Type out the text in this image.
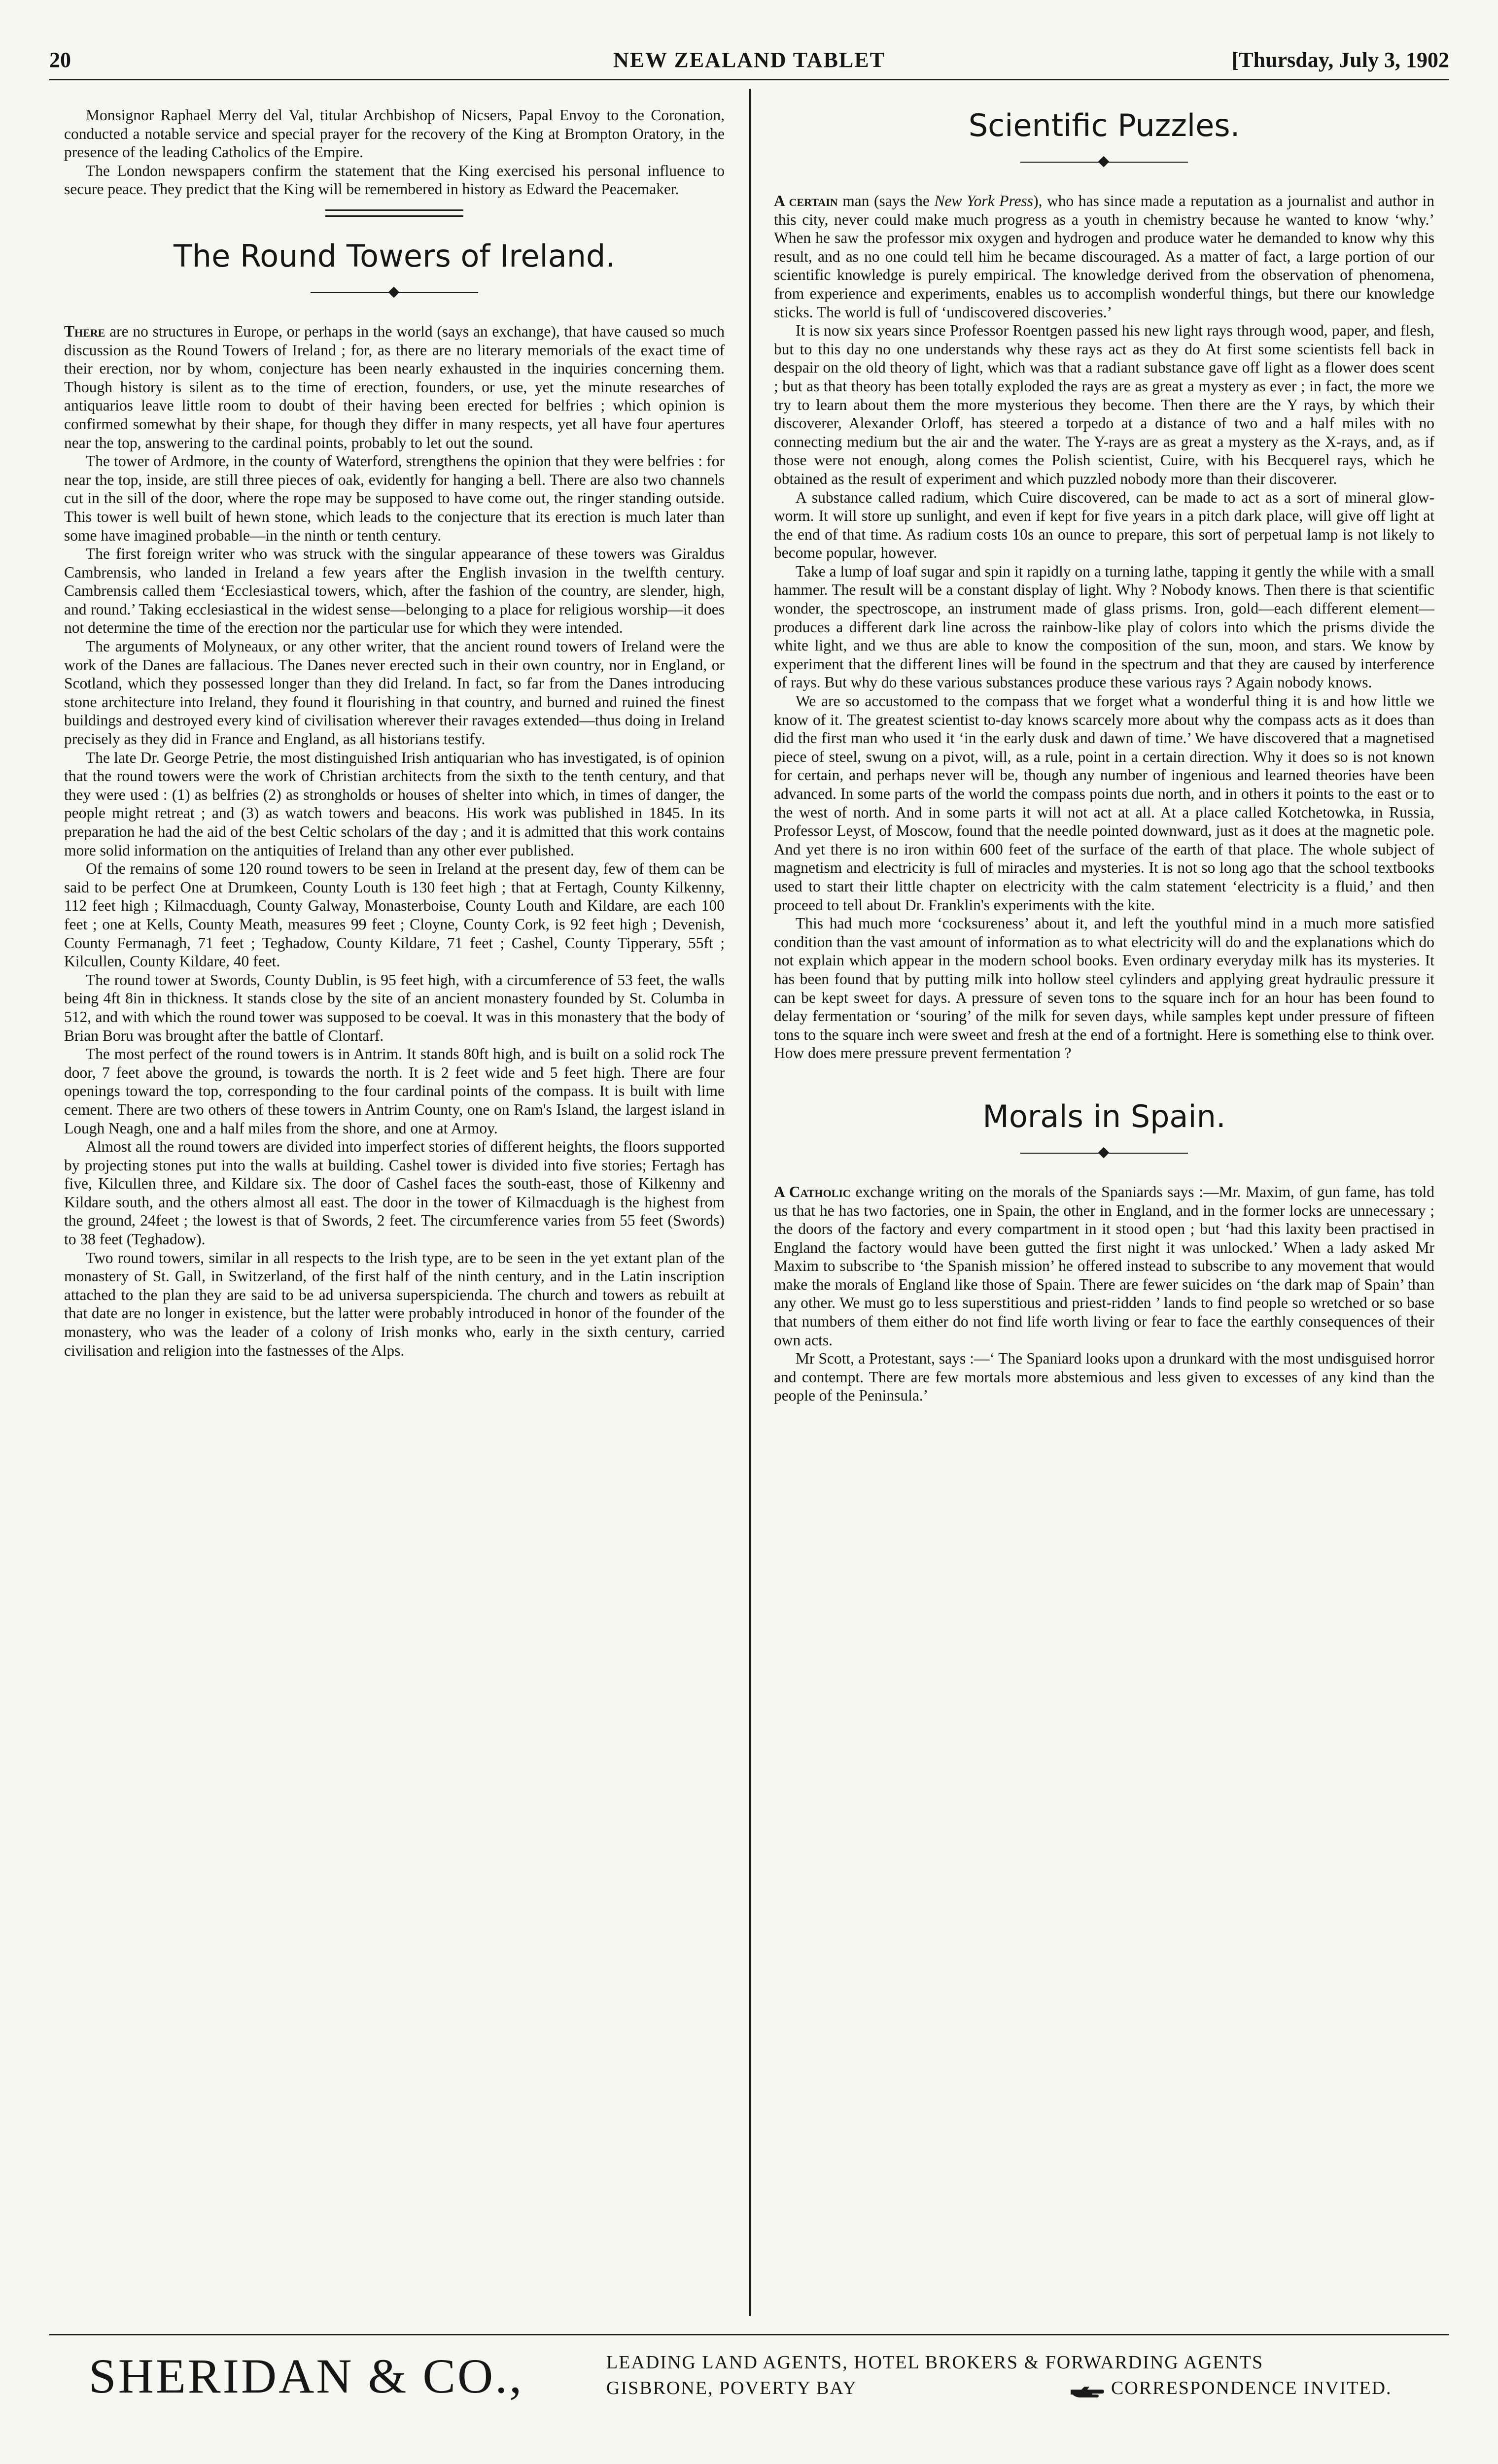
20	NEW ZEALAND TABLET	[Thursday, July 3, 1902

Monsignor Raphael Merry del Val, titular Archbishop of Nicsers, Papal Envoy to the Coronation, conducted a notable service and special prayer for the recovery of the King at Brompton Oratory, in the presence of the leading Catholics of the Empire.

The London newspapers confirm the statement that the King exercised his personal influence to secure peace. They predict that the King will be remembered in history as Edward the Peacemaker.

The Round Towers of Ireland.

There are no structures in Europe, or perhaps in the world (says an exchange), that have caused so much discussion as the Round Towers of Ireland ; for, as there are no literary memorials of the exact time of their erection, nor by whom, conjecture has been nearly exhausted in the inquiries concerning them. Though history is silent as to the time of erection, founders, or use, yet the minute researches of antiquarios leave little room to doubt of their having been erected for belfries ; which opinion is confirmed somewhat by their shape, for though they differ in many respects, yet all have four apertures near the top, answering to the cardinal points, probably to let out the sound.

The tower of Ardmore, in the county of Waterford, strengthens the opinion that they were belfries : for near the top, inside, are still three pieces of oak, evidently for hanging a bell. There are also two channels cut in the sill of the door, where the rope may be supposed to have come out, the ringer standing outside. This tower is well built of hewn stone, which leads to the conjecture that its erection is much later than some have imagined probable—in the ninth or tenth century.

The first foreign writer who was struck with the singular appearance of these towers was Giraldus Cambrensis, who landed in Ireland a few years after the English invasion in the twelfth century. Cambrensis called them ‘Ecclesiastical towers, which, after the fashion of the country, are slender, high, and round.’ Taking ecclesiastical in the widest sense—belonging to a place for religious worship—it does not determine the time of the erection nor the particular use for which they were intended.

The arguments of Molyneaux, or any other writer, that the ancient round towers of Ireland were the work of the Danes are fallacious. The Danes never erected such in their own country, nor in England, or Scotland, which they possessed longer than they did Ireland. In fact, so far from the Danes introducing stone architecture into Ireland, they found it flourishing in that country, and burned and ruined the finest buildings and destroyed every kind of civilisation wherever their ravages extended—thus doing in Ireland precisely as they did in France and England, as all historians testify.

The late Dr. George Petrie, the most distinguished Irish antiquarian who has investigated, is of opinion that the round towers were the work of Christian architects from the sixth to the tenth century, and that they were used : (1) as belfries (2) as strongholds or houses of shelter into which, in times of danger, the people might retreat ; and (3) as watch towers and beacons. His work was published in 1845. In its preparation he had the aid of the best Celtic scholars of the day ; and it is admitted that this work contains more solid information on the antiquities of Ireland than any other ever published.

Of the remains of some 120 round towers to be seen in Ireland at the present day, few of them can be said to be perfect One at Drumkeen, County Louth is 130 feet high ; that at Fertagh, County Kilkenny, 112 feet high ; Kilmacduagh, County Galway, Monasterboise, County Louth and Kildare, are each 100 feet ; one at Kells, County Meath, measures 99 feet ; Cloyne, County Cork, is 92 feet high ; Devenish, County Fermanagh, 71 feet ; Teghadow, County Kildare, 71 feet ; Cashel, County Tipperary, 55ft ; Kilcullen, County Kildare, 40 feet.

The round tower at Swords, County Dublin, is 95 feet high, with a circumference of 53 feet, the walls being 4ft 8in in thickness. It stands close by the site of an ancient monastery founded by St. Columba in 512, and with which the round tower was supposed to be coeval. It was in this monastery that the body of Brian Boru was brought after the battle of Clontarf.

The most perfect of the round towers is in Antrim. It stands 80ft high, and is built on a solid rock The door, 7 feet above the ground, is towards the north. It is 2 feet wide and 5 feet high. There are four openings toward the top, corresponding to the four cardinal points of the compass. It is built with lime cement. There are two others of these towers in Antrim County, one on Ram's Island, the largest island in Lough Neagh, one and a half miles from the shore, and one at Armoy.

Almost all the round towers are divided into imperfect stories of different heights, the floors supported by projecting stones put into the walls at building. Cashel tower is divided into five stories; Fertagh has five, Kilcullen three, and Kildare six. The door of Cashel faces the south-east, those of Kilkenny and Kildare south, and the others almost all east. The door in the tower of Kilmacduagh is the highest from the ground, 24feet ; the lowest is that of Swords, 2 feet. The circumference varies from 55 feet (Swords) to 38 feet (Teghadow).

Two round towers, similar in all respects to the Irish type, are to be seen in the yet extant plan of the monastery of St. Gall, in Switzerland, of the first half of the ninth century, and in the Latin inscription attached to the plan they are said to be ad universa superspicienda. The church and towers as rebuilt at that date are no longer in existence, but the latter were probably introduced in honor of the founder of the monastery, who was the leader of a colony of Irish monks who, early in the sixth century, carried civilisation and religion into the fastnesses of the Alps.

Scientific Puzzles.

A certain man (says the New York Press), who has since made a reputation as a journalist and author in this city, never could make much progress as a youth in chemistry because he wanted to know ‘why.’ When he saw the professor mix oxygen and hydrogen and produce water he demanded to know why this result, and as no one could tell him he became discouraged. As a matter of fact, a large portion of our scientific knowledge is purely empirical. The knowledge derived from the observation of phenomena, from experience and experiments, enables us to accomplish wonderful things, but there our knowledge sticks. The world is full of ‘undiscovered discoveries.’

It is now six years since Professor Roentgen passed his new light rays through wood, paper, and flesh, but to this day no one understands why these rays act as they do At first some scientists fell back in despair on the old theory of light, which was that a radiant substance gave off light as a flower does scent ; but as that theory has been totally exploded the rays are as great a mystery as ever ; in fact, the more we try to learn about them the more mysterious they become. Then there are the Y rays, by which their discoverer, Alexander Orloff, has steered a torpedo at a distance of two and a half miles with no connecting medium but the air and the water. The Y-rays are as great a mystery as the X-rays, and, as if those were not enough, along comes the Polish scientist, Cuire, with his Becquerel rays, which he obtained as the result of experiment and which puzzled nobody more than their discoverer.

A substance called radium, which Cuire discovered, can be made to act as a sort of mineral glow-worm. It will store up sunlight, and even if kept for five years in a pitch dark place, will give off light at the end of that time. As radium costs 10s an ounce to prepare, this sort of perpetual lamp is not likely to become popular, however.

Take a lump of loaf sugar and spin it rapidly on a turning lathe, tapping it gently the while with a small hammer. The result will be a constant display of light. Why ? Nobody knows. Then there is that scientific wonder, the spectroscope, an instrument made of glass prisms. Iron, gold—each different element—produces a different dark line across the rainbow-like play of colors into which the prisms divide the white light, and we thus are able to know the composition of the sun, moon, and stars. We know by experiment that the different lines will be found in the spectrum and that they are caused by interference of rays. But why do these various substances produce these various rays ? Again nobody knows.

We are so accustomed to the compass that we forget what a wonderful thing it is and how little we know of it. The greatest scientist to-day knows scarcely more about why the compass acts as it does than did the first man who used it ‘in the early dusk and dawn of time.’ We have discovered that a magnetised piece of steel, swung on a pivot, will, as a rule, point in a certain direction. Why it does so is not known for certain, and perhaps never will be, though any number of ingenious and learned theories have been advanced. In some parts of the world the compass points due north, and in others it points to the east or to the west of north. And in some parts it will not act at all. At a place called Kotchetowka, in Russia, Professor Leyst, of Moscow, found that the needle pointed downward, just as it does at the magnetic pole. And yet there is no iron within 600 feet of the surface of the earth of that place. The whole subject of magnetism and electricity is full of miracles and mysteries. It is not so long ago that the school textbooks used to start their little chapter on electricity with the calm statement ‘electricity is a fluid,’ and then proceed to tell about Dr. Franklin's experiments with the kite.

This had much more ‘cocksureness’ about it, and left the youthful mind in a much more satisfied condition than the vast amount of information as to what electricity will do and the explanations which do not explain which appear in the modern school books. Even ordinary everyday milk has its mysteries. It has been found that by putting milk into hollow steel cylinders and applying great hydraulic pressure it can be kept sweet for days. A pressure of seven tons to the square inch for an hour has been found to delay fermentation or ‘souring’ of the milk for seven days, while samples kept under pressure of fifteen tons to the square inch were sweet and fresh at the end of a fortnight. Here is something else to think over. How does mere pressure prevent fermentation ?

Morals in Spain.

A Catholic exchange writing on the morals of the Spaniards says :—Mr. Maxim, of gun fame, has told us that he has two factories, one in Spain, the other in England, and in the former locks are unnecessary ; the doors of the factory and every compartment in it stood open ; but ‘had this laxity been practised in England the factory would have been gutted the first night it was unlocked.’ When a lady asked Mr Maxim to subscribe to ‘the Spanish mission’ he offered instead to subscribe to any movement that would make the morals of England like those of Spain. There are fewer suicides on ‘the dark map of Spain’ than any other. We must go to less superstitious and priest-ridden ’ lands to find people so wretched or so base that numbers of them either do not find life worth living or fear to face the earthly consequences of their own acts.

Mr Scott, a Protestant, says :—‘ The Spaniard looks upon a drunkard with the most undisguised horror and contempt. There are few mortals more abstemious and less given to excesses of any kind than the people of the Peninsula.’

SHERIDAN & CO.,	LEADING LAND AGENTS, HOTEL BROKERS & FORWARDING AGENTS
GISBRONE, POVERTY BAY	CORRESPONDENCE INVITED.
